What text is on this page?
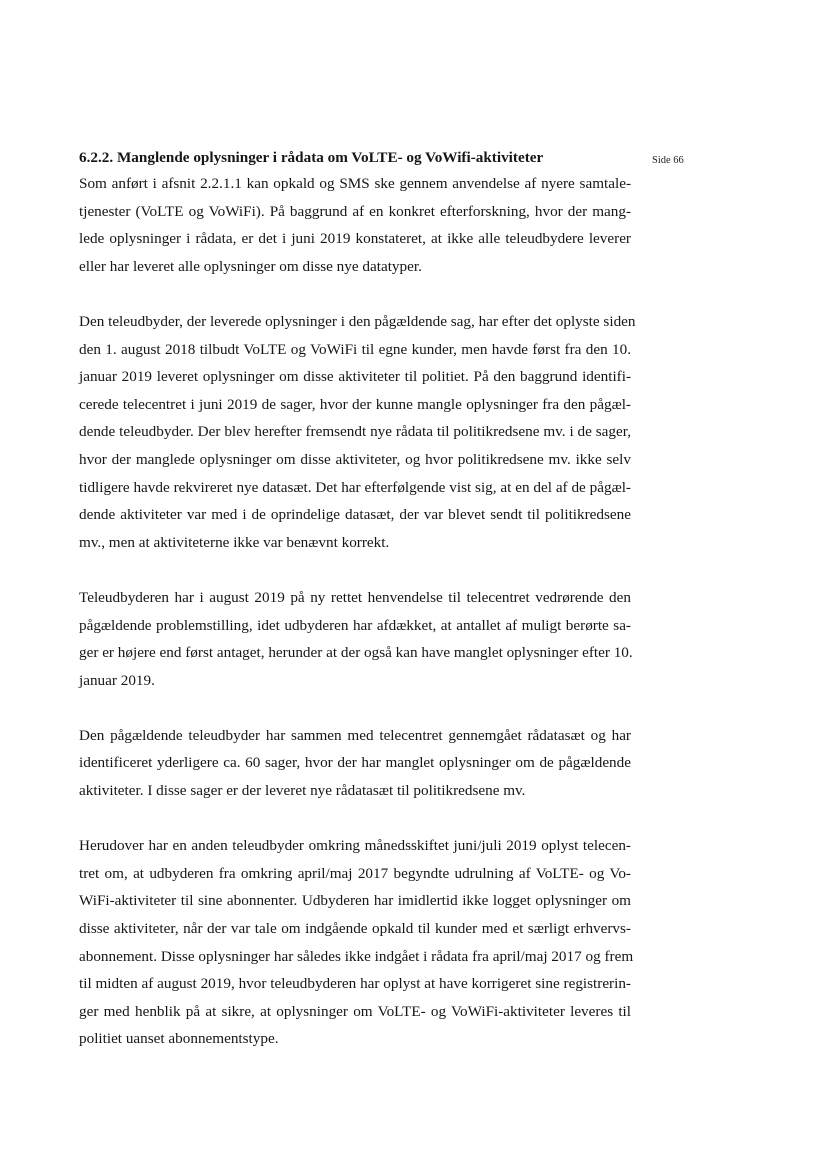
Side 66
6.2.2. Manglende oplysninger i rådata om VoLTE- og VoWifi-aktiviteter

Som anført i afsnit 2.2.1.1 kan opkald og SMS ske gennem anvendelse af nyere samtale-
tjenester (VoLTE og VoWiFi). På baggrund af en konkret efterforskning, hvor der mang-
lede oplysninger i rådata, er det i juni 2019 konstateret, at ikke alle teleudbydere leverer
eller har leveret alle oplysninger om disse nye datatyper.

Den teleudbyder, der leverede oplysninger i den pågældende sag, har efter det oplyste siden
den 1. august 2018 tilbudt VoLTE og VoWiFi til egne kunder, men havde først fra den 10.
januar 2019 leveret oplysninger om disse aktiviteter til politiet. På den baggrund identifi-
cerede telecentret i juni 2019 de sager, hvor der kunne mangle oplysninger fra den pågæl-
dende teleudbyder. Der blev herefter fremsendt nye rådata til politikredsene mv. i de sager,
hvor der manglede oplysninger om disse aktiviteter, og hvor politikredsene mv. ikke selv
tidligere havde rekvireret nye datasæt. Det har efterfølgende vist sig, at en del af de pågæl-
dende aktiviteter var med i de oprindelige datasæt, der var blevet sendt til politikredsene
mv., men at aktiviteterne ikke var benævnt korrekt.

Teleudbyderen har i august 2019 på ny rettet henvendelse til telecentret vedrørende den
pågældende problemstilling, idet udbyderen har afdækket, at antallet af muligt berørte sa-
ger er højere end først antaget, herunder at der også kan have manglet oplysninger efter 10.
januar 2019.

Den pågældende teleudbyder har sammen med telecentret gennemgået rådatasæt og har
identificeret yderligere ca. 60 sager, hvor der har manglet oplysninger om de pågældende
aktiviteter. I disse sager er der leveret nye rådatasæt til politikredsene mv.

Herudover har en anden teleudbyder omkring månedsskiftet juni/juli 2019 oplyst telecen-
tret om, at udbyderen fra omkring april/maj 2017 begyndte udrulning af VoLTE- og Vo-
WiFi-aktiviteter til sine abonnenter. Udbyderen har imidlertid ikke logget oplysninger om
disse aktiviteter, når der var tale om indgående opkald til kunder med et særligt erhvervs-
abonnement. Disse oplysninger har således ikke indgået i rådata fra april/maj 2017 og frem
til midten af august 2019, hvor teleudbyderen har oplyst at have korrigeret sine registrerin-
ger med henblik på at sikre, at oplysninger om VoLTE- og VoWiFi-aktiviteter leveres til
politiet uanset abonnementstype.
